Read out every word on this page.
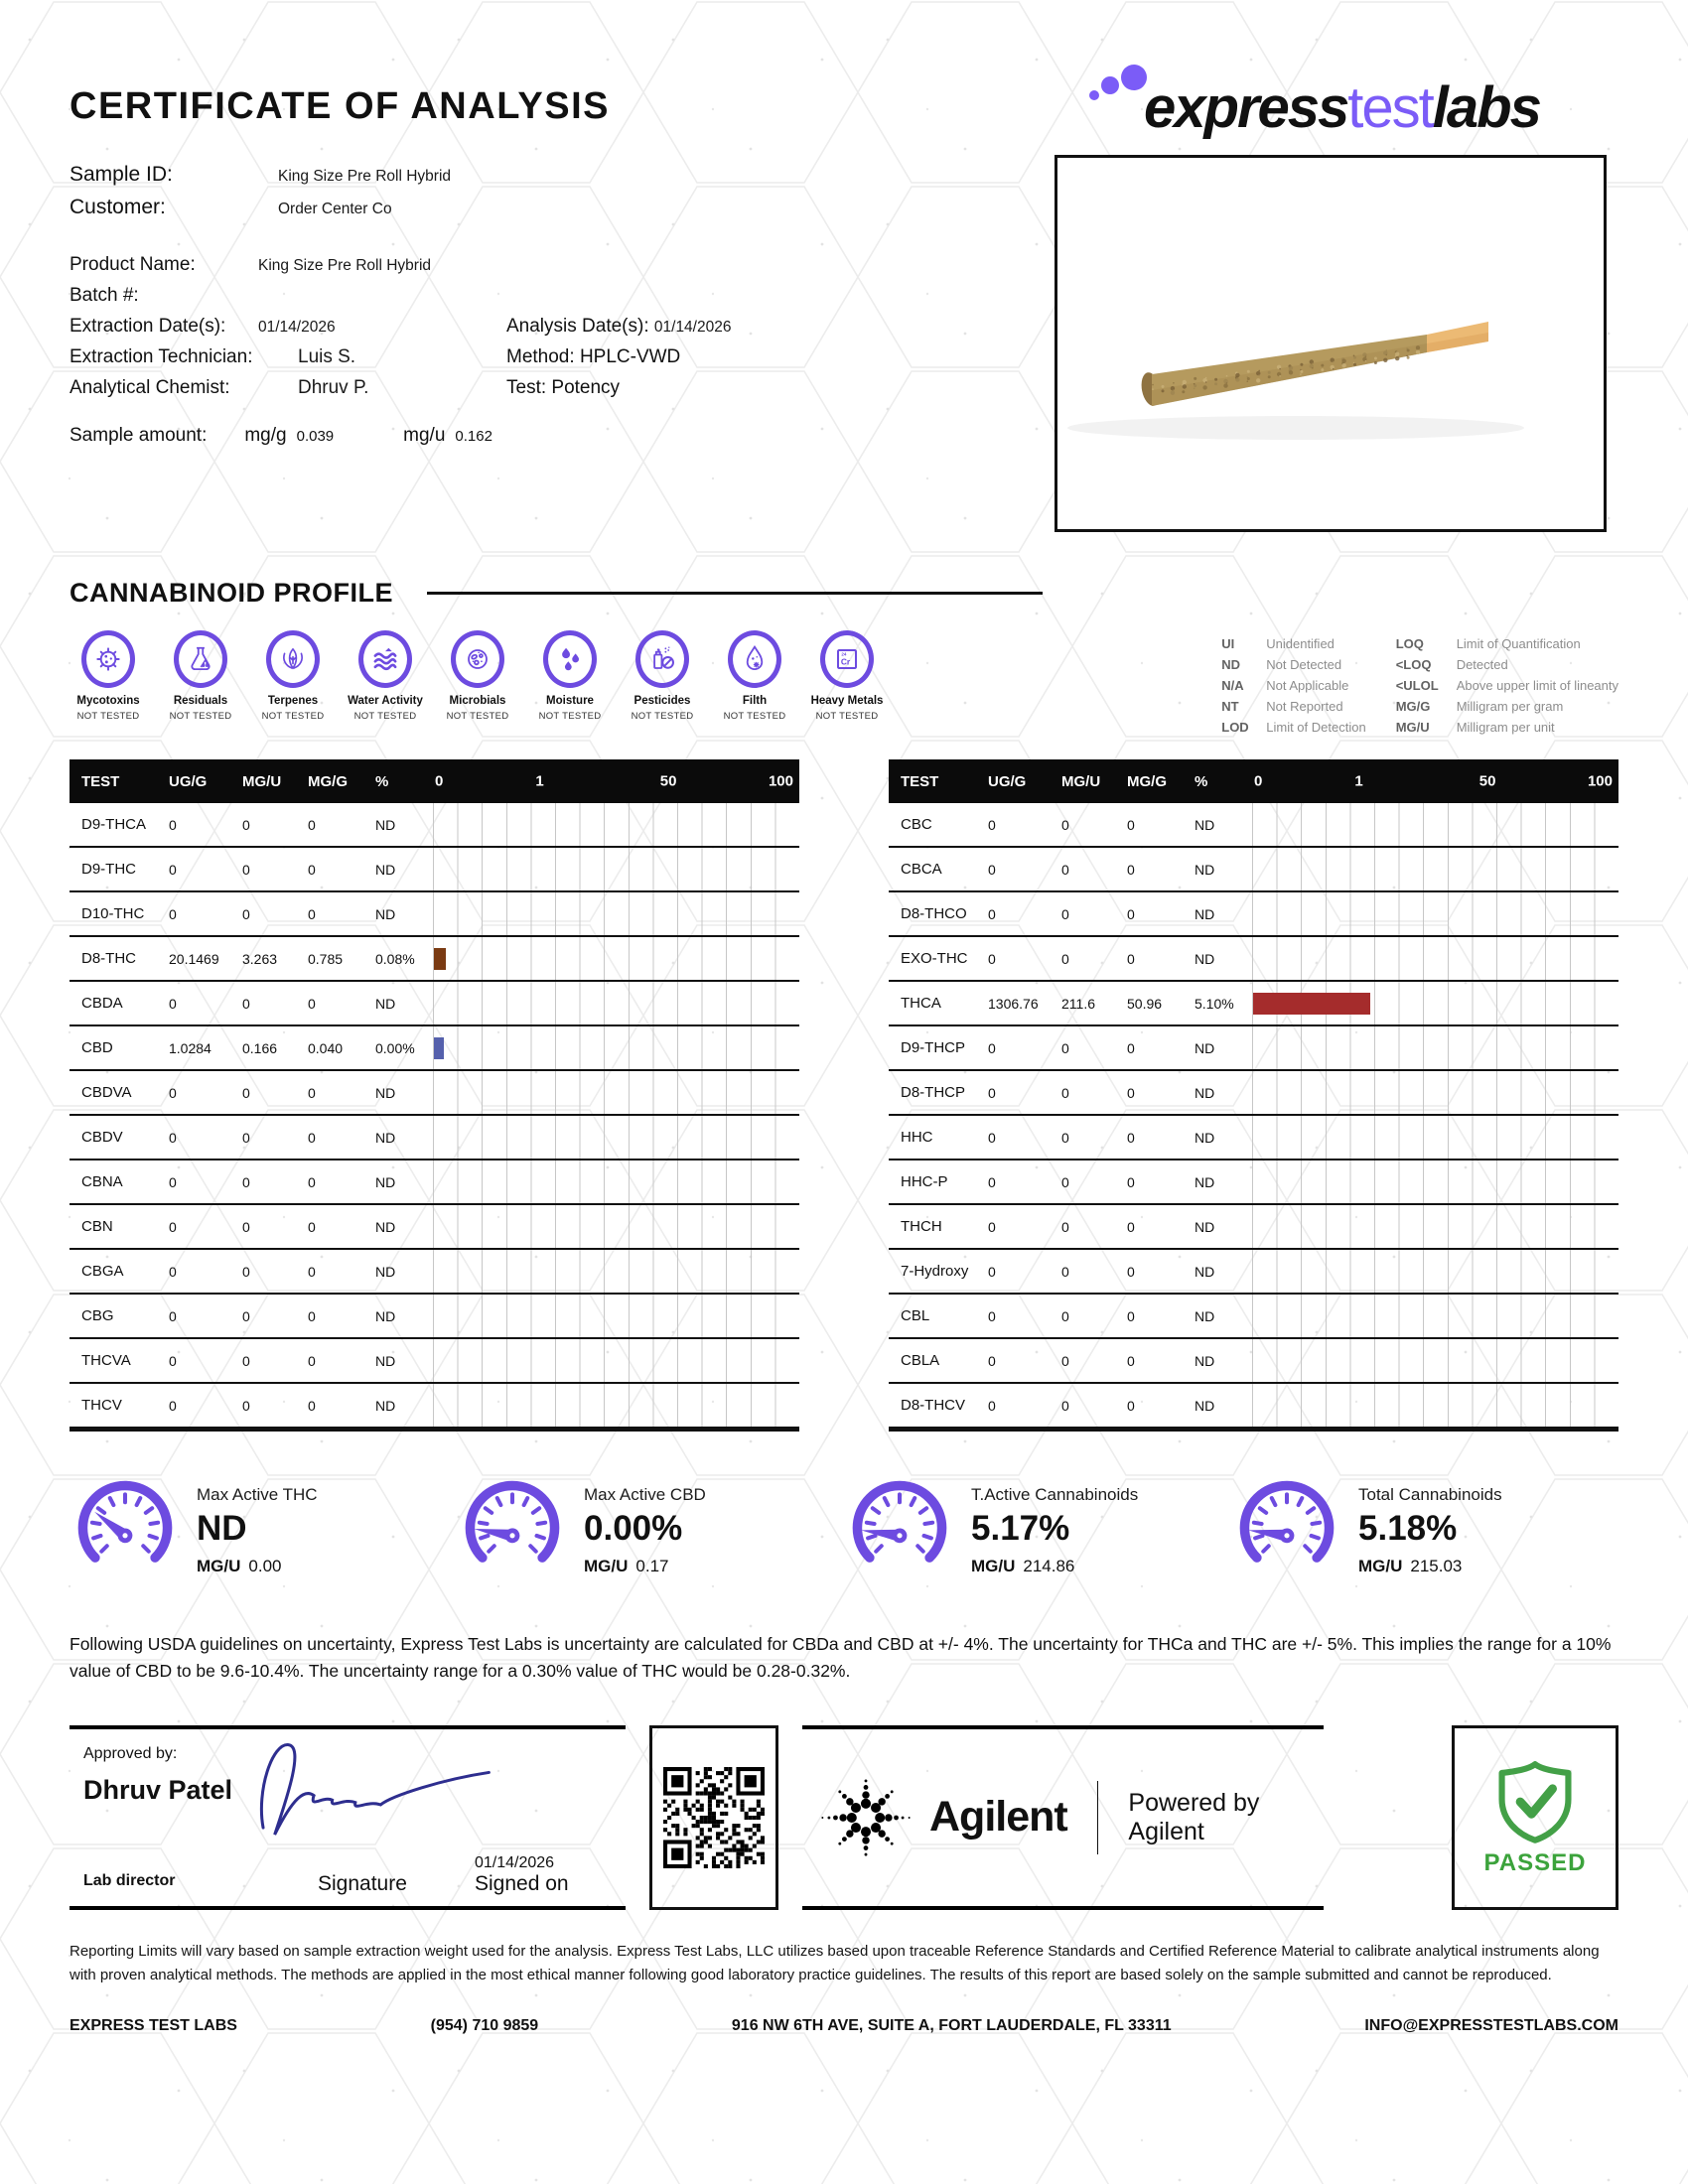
CERTIFICATE OF ANALYSIS	expresstestlabs
Sample ID:	King Size Pre Roll Hybrid
Customer:	Order Center Co
Product Name:	King Size Pre Roll Hybrid
Batch #:
Extraction Date(s):	01/14/2026	Analysis Date(s): 01/14/2026
Extraction Technician:	Luis S.	Method: HPLC-VWD
Analytical Chemist:	Dhruv P.	Test: Potency
Sample amount: mg/g 0.039	mg/u 0.162
CANNABINOID PROFILE
Mycotoxins
NOT TESTED
Residuals
NOT TESTED
Terpenes
NOT TESTED
Water Activity
NOT TESTED
Microbials
NOT TESTED
Moisture
NOT TESTED
Pesticides
NOT TESTED
Filth
NOT TESTED
24
Cr
Heavy Metals
NOT TESTED
UI	Unidentified
ND	Not Detected
N/A	Not Applicable
NT	Not Reported
LOD	Limit of Detection
LOQ	Limit of Quantification
<LOQ	Detected
<ULOL	Above upper limit of lineanty
MG/G	Milligram per gram
MG/U	Milligram per unit
TEST	UG/G	MG/U	MG/G	%	0	1	50	100
D9-THCA	0	0	0	ND
D9-THC	0	0	0	ND
D10-THC	0	0	0	ND
D8-THC	20.1469	3.263	0.785	0.08%
CBDA	0	0	0	ND
CBD	1.0284	0.166	0.040	0.00%
CBDVA	0	0	0	ND
CBDV	0	0	0	ND
CBNA	0	0	0	ND
CBN	0	0	0	ND
CBGA	0	0	0	ND
CBG	0	0	0	ND
THCVA	0	0	0	ND
THCV	0	0	0	ND
TEST	UG/G	MG/U	MG/G	%	0	1	50	100
CBC	0	0	0	ND
CBCA	0	0	0	ND
D8-THCO	0	0	0	ND
EXO-THC	0	0	0	ND
THCA	1306.76	211.6	50.96	5.10%
D9-THCP	0	0	0	ND
D8-THCP	0	0	0	ND
HHC	0	0	0	ND
HHC-P	0	0	0	ND
THCH	0	0	0	ND
7-Hydroxy	0	0	0	ND
CBL	0	0	0	ND
CBLA	0	0	0	ND
D8-THCV	0	0	0	ND
Max Active THC
ND
MG/U 0.00
Max Active CBD
0.00%
MG/U 0.17
T.Active Cannabinoids
5.17%
MG/U 214.86
Total Cannabinoids
5.18%
MG/U 215.03

Following USDA guidelines on uncertainty, Express Test Labs is uncertainty are calculated for CBDa and CBD at +/- 4%. The uncertainty for THCa and THC are +/- 5%. This implies the range for a 10% value of CBD to be 9.6-10.4%. The uncertainty range for a 0.30% value of THC would be 0.28-0.32%.

Approved by:
Dhruv Patel
Lab director	Signature
01/14/2026
Signed on
Agilent Powered by Agilent
PASSED

Reporting Limits will vary based on sample extraction weight used for the analysis. Express Test Labs, LLC utilizes based upon traceable Reference Standards and Certified Reference Material to calibrate analytical instruments along with proven analytical methods. The methods are applied in the most ethical manner following good laboratory practice guidelines. The results of this report are based solely on the sample submitted and cannot be reproduced.

EXPRESS TEST LABS	(954) 710 9859	916 NW 6TH AVE, SUITE A, FORT LAUDERDALE, FL 33311	INFO@EXPRESSTESTLABS.COM
